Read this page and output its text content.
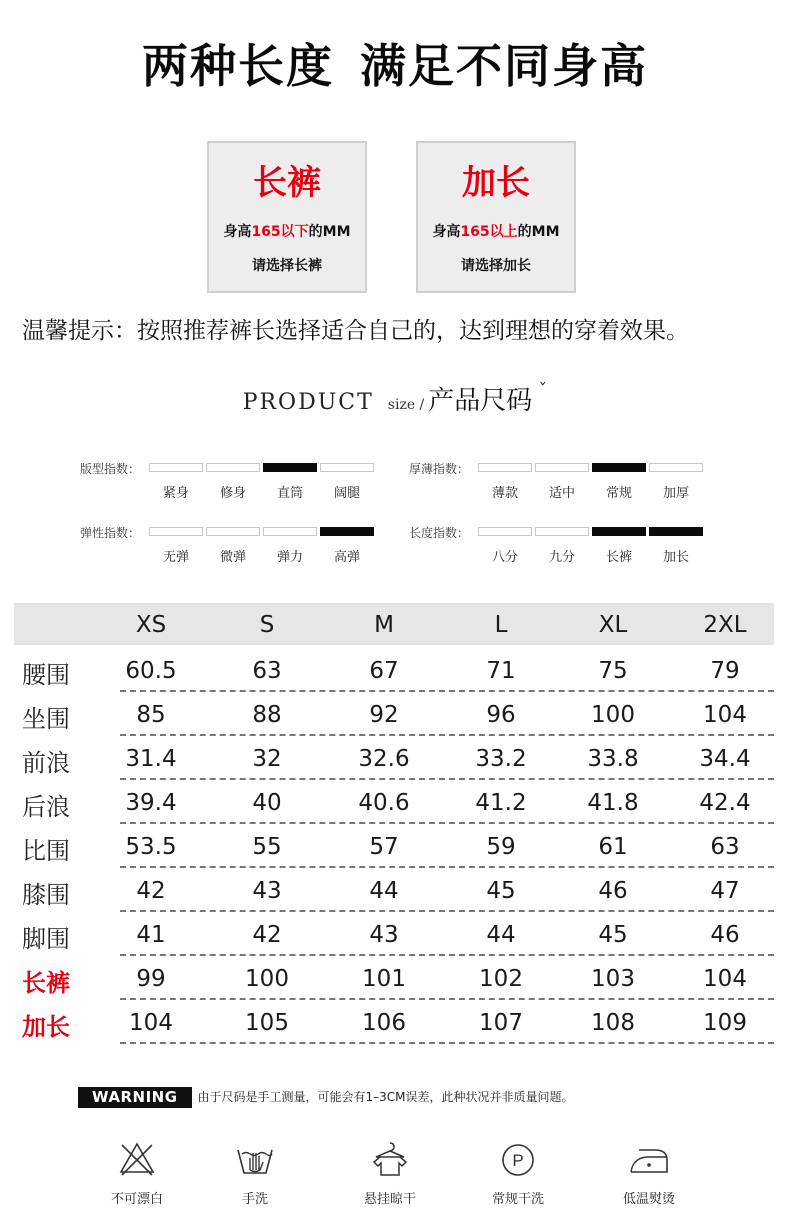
两种长度 满足不同身高
长裤
身高165以下的MM
请选择长裤
加长
身高165以上的MM
请选择加长
温馨提示：按照推荐裤长选择适合自己的，达到理想的穿着效果。
PRODUCT size / 产品尺码 ˇ
版型指数：
紧身	修身	直筒	阔腿
厚薄指数：
薄款	适中	常规	加厚
弹性指数：
无弹	微弹	弹力	高弹
长度指数：
八分	九分	长裤	加长
XS	S	M	L	XL	2XL
腰围	60.5	63	67	71	75	79
坐围	85	88	92	96	100	104
前浪	31.4	32	32.6	33.2	33.8	34.4
后浪	39.4	40	40.6	41.2	41.8	42.4
比围	53.5	55	57	59	61	63
膝围	42	43	44	45	46	47
脚围	41	42	43	44	45	46
长裤	99	100	101	102	103	104
加长	104	105	106	107	108	109
WARNING 由于尺码是手工测量，可能会有1–3CM误差，此种状况并非质量问题。
不可漂白	手洗	悬挂晾干
P
常规干洗	低温熨烫
